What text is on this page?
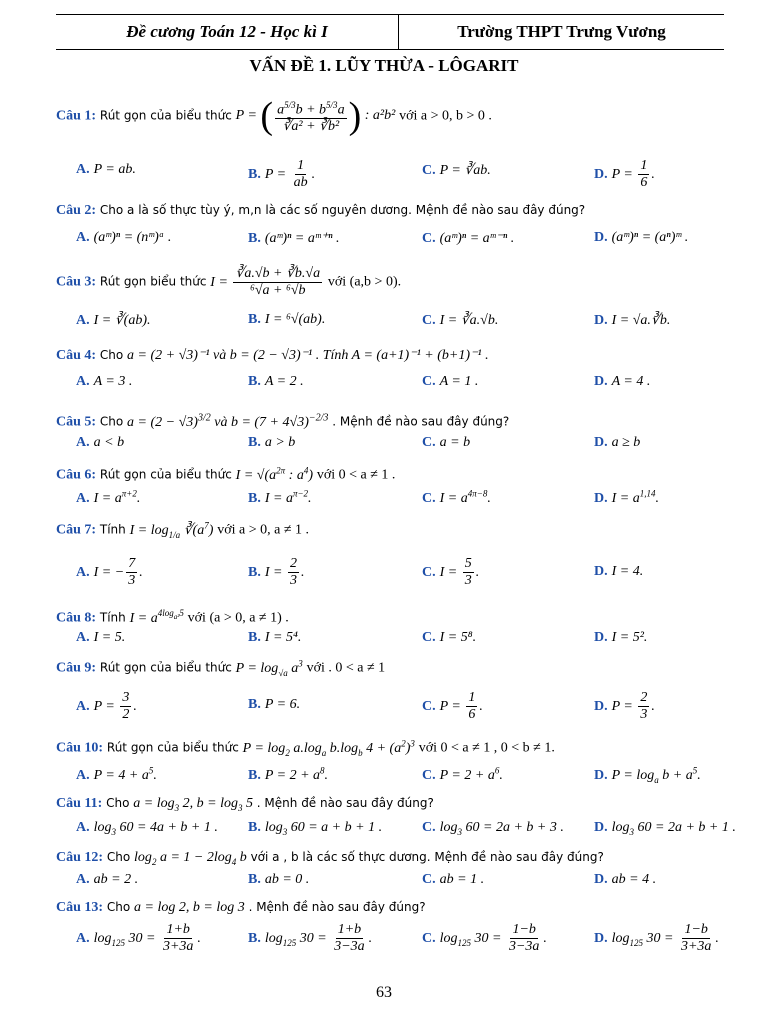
Đề cương Toán 12 - Học kì I	Trường THPT Trưng Vương
VẤN ĐỀ 1. LŨY THỪA - LÔGARIT
Câu 1: Rút gọn của biểu thức P = ( $\frac{a^{5/3}b + b^{5/3}a}{\text{∛a² + ∛b²}}$ ) : a²b² với a > 0, b > 0 .
A. P = ab.	B. $P = \frac{1}{ab}$ .	C. P = ∛ab.	D. $P = \frac{1}{6}$ .
Câu 2: Cho a là số thực tùy ý, m,n là các số nguyên dương. Mệnh đề nào sau đây đúng?
A. (aᵐ)ⁿ = (nᵐ)ᵃ .	B. (aᵐ)ⁿ = aᵐ⁺ⁿ .	C. (aᵐ)ⁿ = aᵐ⁻ⁿ .	D. (aᵐ)ⁿ = (aⁿ)ᵐ .
Câu 3: Rút gọn biểu thức $I = \frac{∛a.√b + ∛b.√a}{\text{⁶√a + ⁶√b}}$ với (a,b > 0).
A. I = ∛(ab).	B. I = ⁶√(ab).	C. I = ∛a.√b.	D. I = √a.∛b.
Câu 4: Cho a = (2 + √3)⁻¹ và b = (2 − √3)⁻¹ . Tính A = (a+1)⁻¹ + (b+1)⁻¹ .
A. A = 3 .	B. A = 2 .	C. A = 1 .	D. A = 4 .
Câu 5: Cho $a = (2 - √3)^{3/2}$ và $b = (7 + 4√3)^{-2/3}$ . Mệnh đề nào sau đây đúng?
A. a < b	B. a > b	C. a = b	D. a ≥ b
Câu 6: Rút gọn của biểu thức $I = √(a^{2\pi}$ : $a^4$) với 0 < a ≠ 1 .
A. $I = a^{\pi+2}$.	B. $I = a^{\pi-2}$.	C. $I = a^{4\pi-8}$.	D. $I = a^{1,14}$.
Câu 7: Tính $I = \log_{1/a}$ $∛(a^7)$ với a > 0, a ≠ 1 .
A. I = − $\frac{7}{3}$ .	B. $I = \frac{2}{3}$ .	C. $I = \frac{5}{3}$ .	D. I = 4.
Câu 8: Tính $I = a^{4log_{a^2}5}$ với (a > 0, a ≠ 1) .
A. I = 5.	B. I = 5⁴.	C. I = 5⁸.	D. I = 5².
Câu 9: Rút gọn của biểu thức $P = \log_{√a} a^3$ với . 0 < a ≠ 1
A. $P = \frac{3}{2}$ .	B. P = 6.	C. $P = \frac{1}{6}$ .	D. $P = \frac{2}{3}$ .
Câu 10: Rút gọn của biểu thức $P = \log_2 a.\log_a$ $b.\log_b$ $4 + (a^2)^3$ với 0 < a ≠ 1 , 0 < b ≠ 1.
A. $P = 4 + a^5$.	B. $P = 2 + a^8$.	C. $P = 2 + a^6$.	D. $P = \log_a b + a^5$.
Câu 11: Cho $a = \log_3 2$, $b = \log_3 5$ . Mệnh đề nào sau đây đúng?
A. $\log_3 60 = 4a + b + 1$ . B. $\log_3 60 = a + b + 1$ .	C. $\log_3 60 = 2a + b + 3$ . D. $\log_3 60 = 2a + b + 1$ .
Câu 12: Cho $\log_2 a = 1 - 2\log_4$ b với a , b là các số thực dương. Mệnh đề nào sau đây đúng?
A. ab = 2 .	B. ab = 0 .	C. ab = 1 .	D. ab = 4 .
Câu 13: Cho a = log 2, b = log 3 . Mệnh đề nào sau đây đúng?
A. $\log_{125} 30 = \frac{1+b}{3+3a}$ .	B. $\log_{125} 30 = \frac{1+b}{3-3a}$ .	C. $\log_{125} 30 = \frac{1-b}{3-3a}$ .	D. $\log_{125} 30 = \frac{1-b}{3+3a}$ .
63
